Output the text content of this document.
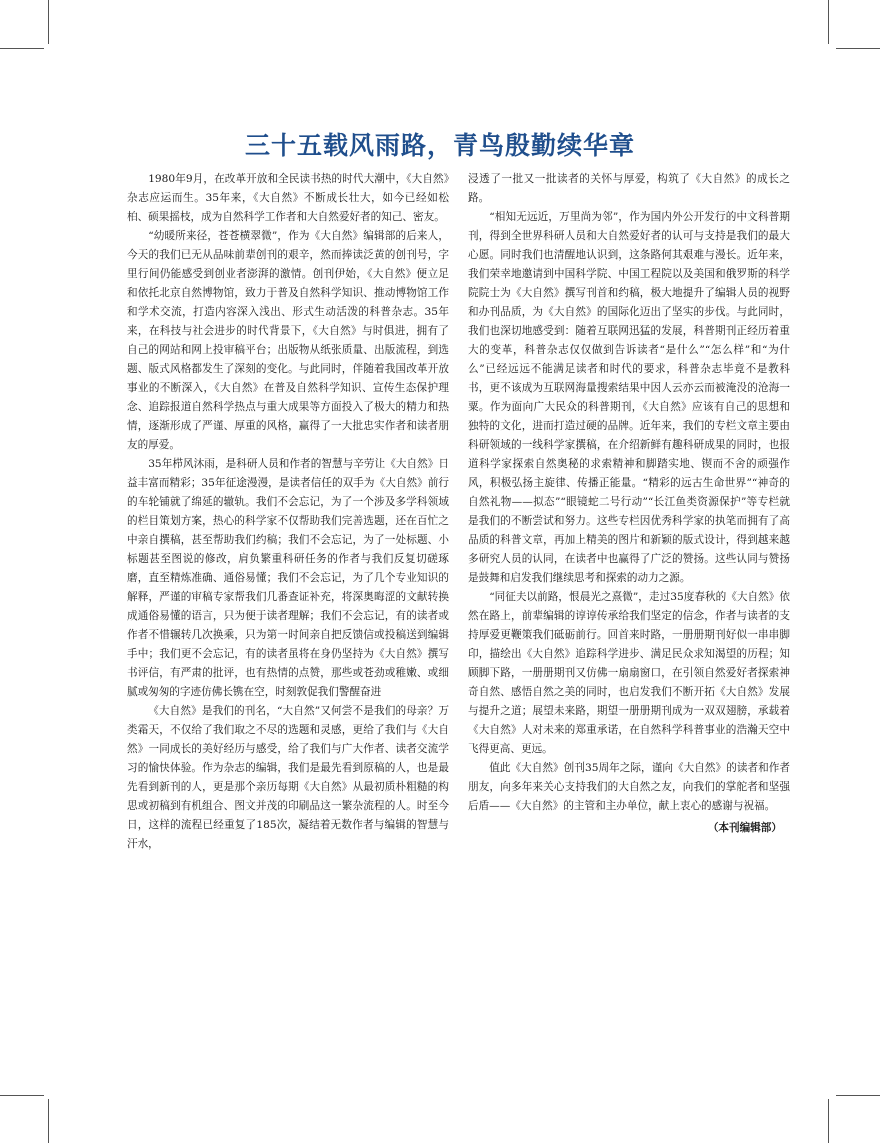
三十五载风雨路，青鸟殷勤续华章

1980年9月，在改革开放和全民读书热的时代大潮中，《大自然》杂志应运而生。35年来，《大自然》不断成长壮大，如今已经如松柏、硕果摇枝，成为自然科学工作者和大自然爱好者的知己、密友。

“幼暖所来径，苍苍横翠微”，作为《大自然》编辑部的后来人，今天的我们已无从品味前辈创刊的艰辛，然而捧读泛黄的创刊号，字里行间仍能感受到创业者澎湃的激情。创刊伊始，《大自然》便立足和依托北京自然博物馆，致力于普及自然科学知识、推动博物馆工作和学术交流，打造内容深入浅出、形式生动活泼的科普杂志。35年来，在科技与社会进步的时代背景下，《大自然》与时俱进，拥有了自己的网站和网上投审稿平台；出版物从纸张质量、出版流程，到选题、版式风格都发生了深刻的变化。与此同时，伴随着我国改革开放事业的不断深入，《大自然》在普及自然科学知识、宣传生态保护理念、追踪报道自然科学热点与重大成果等方面投入了极大的精力和热情，逐渐形成了严谨、厚重的风格，赢得了一大批忠实作者和读者朋友的厚爱。

35年栉风沐雨，是科研人员和作者的智慧与辛劳让《大自然》日益丰富而精彩；35年征途漫漫，是读者信任的双手为《大自然》前行的车轮铺就了绵延的辙轨。我们不会忘记，为了一个涉及多学科领域的栏目策划方案，热心的科学家不仅帮助我们完善选题，还在百忙之中亲自撰稿，甚至帮助我们约稿；我们不会忘记，为了一处标题、小标题甚至图说的修改，肩负繁重科研任务的作者与我们反复切磋琢磨，直至精炼准确、通俗易懂；我们不会忘记，为了几个专业知识的解释，严谨的审稿专家帮我们几番查证补充，将深奥晦涩的文献转换成通俗易懂的语言，只为便于读者理解；我们不会忘记，有的读者或作者不惜辗转几次换乘，只为第一时间亲自把反馈信或投稿送到编辑手中；我们更不会忘记，有的读者虽将在身仍坚持为《大自然》撰写书评信，有严肃的批评，也有热情的点赞，那些或苍劲或稚嫩、或细腻或匆匆的字迹仿佛长镌在空，时刻敦促我们警醒奋进

《大自然》是我们的刊名，“大自然”又何尝不是我们的母亲？万类霜天，不仅给了我们取之不尽的选题和灵感，更给了我们与《大自然》一同成长的美好经历与感受，给了我们与广大作者、读者交流学习的愉快体验。作为杂志的编辑，我们是最先看到原稿的人，也是最先看到新刊的人，更是那个亲历每期《大自然》从最初质朴粗糙的构思或初稿到有机组合、图文并茂的印刷品这一繁杂流程的人。时至今日，这样的流程已经重复了185次，凝结着无数作者与编辑的智慧与汗水，

浸透了一批又一批读者的关怀与厚爱，构筑了《大自然》的成长之路。

“相知无远近，万里尚为邻”，作为国内外公开发行的中文科普期刊，得到全世界科研人员和大自然爱好者的认可与支持是我们的最大心愿。同时我们也清醒地认识到，这条路何其艰难与漫长。近年来，我们荣幸地邀请到中国科学院、中国工程院以及美国和俄罗斯的科学院院士为《大自然》撰写刊首和约稿，极大地提升了编辑人员的视野和办刊品质，为《大自然》的国际化迈出了坚实的步伐。与此同时，我们也深切地感受到：随着互联网迅猛的发展，科普期刊正经历着重大的变革，科普杂志仅仅做到告诉读者“是什么”“怎么样”和“为什么”已经远远不能满足读者和时代的要求，科普杂志毕竟不是教科书，更不该成为互联网海量搜索结果中因人云亦云而被淹没的沧海一粟。作为面向广大民众的科普期刊，《大自然》应该有自己的思想和独特的文化，进而打造过硬的品牌。近年来，我们的专栏文章主要由科研领域的一线科学家撰稿，在介绍新鲜有趣科研成果的同时，也报道科学家探索自然奥秘的求索精神和脚踏实地、锲而不舍的顽强作风，积极弘扬主旋律、传播正能量。“精彩的远古生命世界”“神奇的自然礼物——拟态”“眼镜蛇二号行动”“长江鱼类资源保护”等专栏就是我们的不断尝试和努力。这些专栏因优秀科学家的执笔而拥有了高品质的科普文章，再加上精美的图片和新颖的版式设计，得到越来越多研究人员的认同，在读者中也赢得了广泛的赞扬。这些认同与赞扬是鼓舞和启发我们继续思考和探索的动力之源。

“同征夫以前路，恨晨光之熹微”，走过35度春秋的《大自然》依然在路上，前辈编辑的谆谆传承给我们坚定的信念，作者与读者的支持厚爱更鞭策我们砥砺前行。回首来时路，一册册期刊好似一串串脚印，描绘出《大自然》追踪科学进步、满足民众求知渴望的历程；知顾脚下路，一册册期刊又仿佛一扇扇窗口，在引领自然爱好者探索神奇自然、感悟自然之美的同时，也启发我们不断开拓《大自然》发展与提升之道；展望未来路，期望一册册期刊成为一双双翅膀，承载着《大自然》人对未来的郑重承诺，在自然科学科普事业的浩瀚天空中飞得更高、更远。

值此《大自然》创刊35周年之际，谨向《大自然》的读者和作者朋友，向多年来关心支持我们的大自然之友，向我们的掌舵者和坚强后盾——《大自然》的主管和主办单位，献上衷心的感谢与祝福。

（本刊编辑部）
